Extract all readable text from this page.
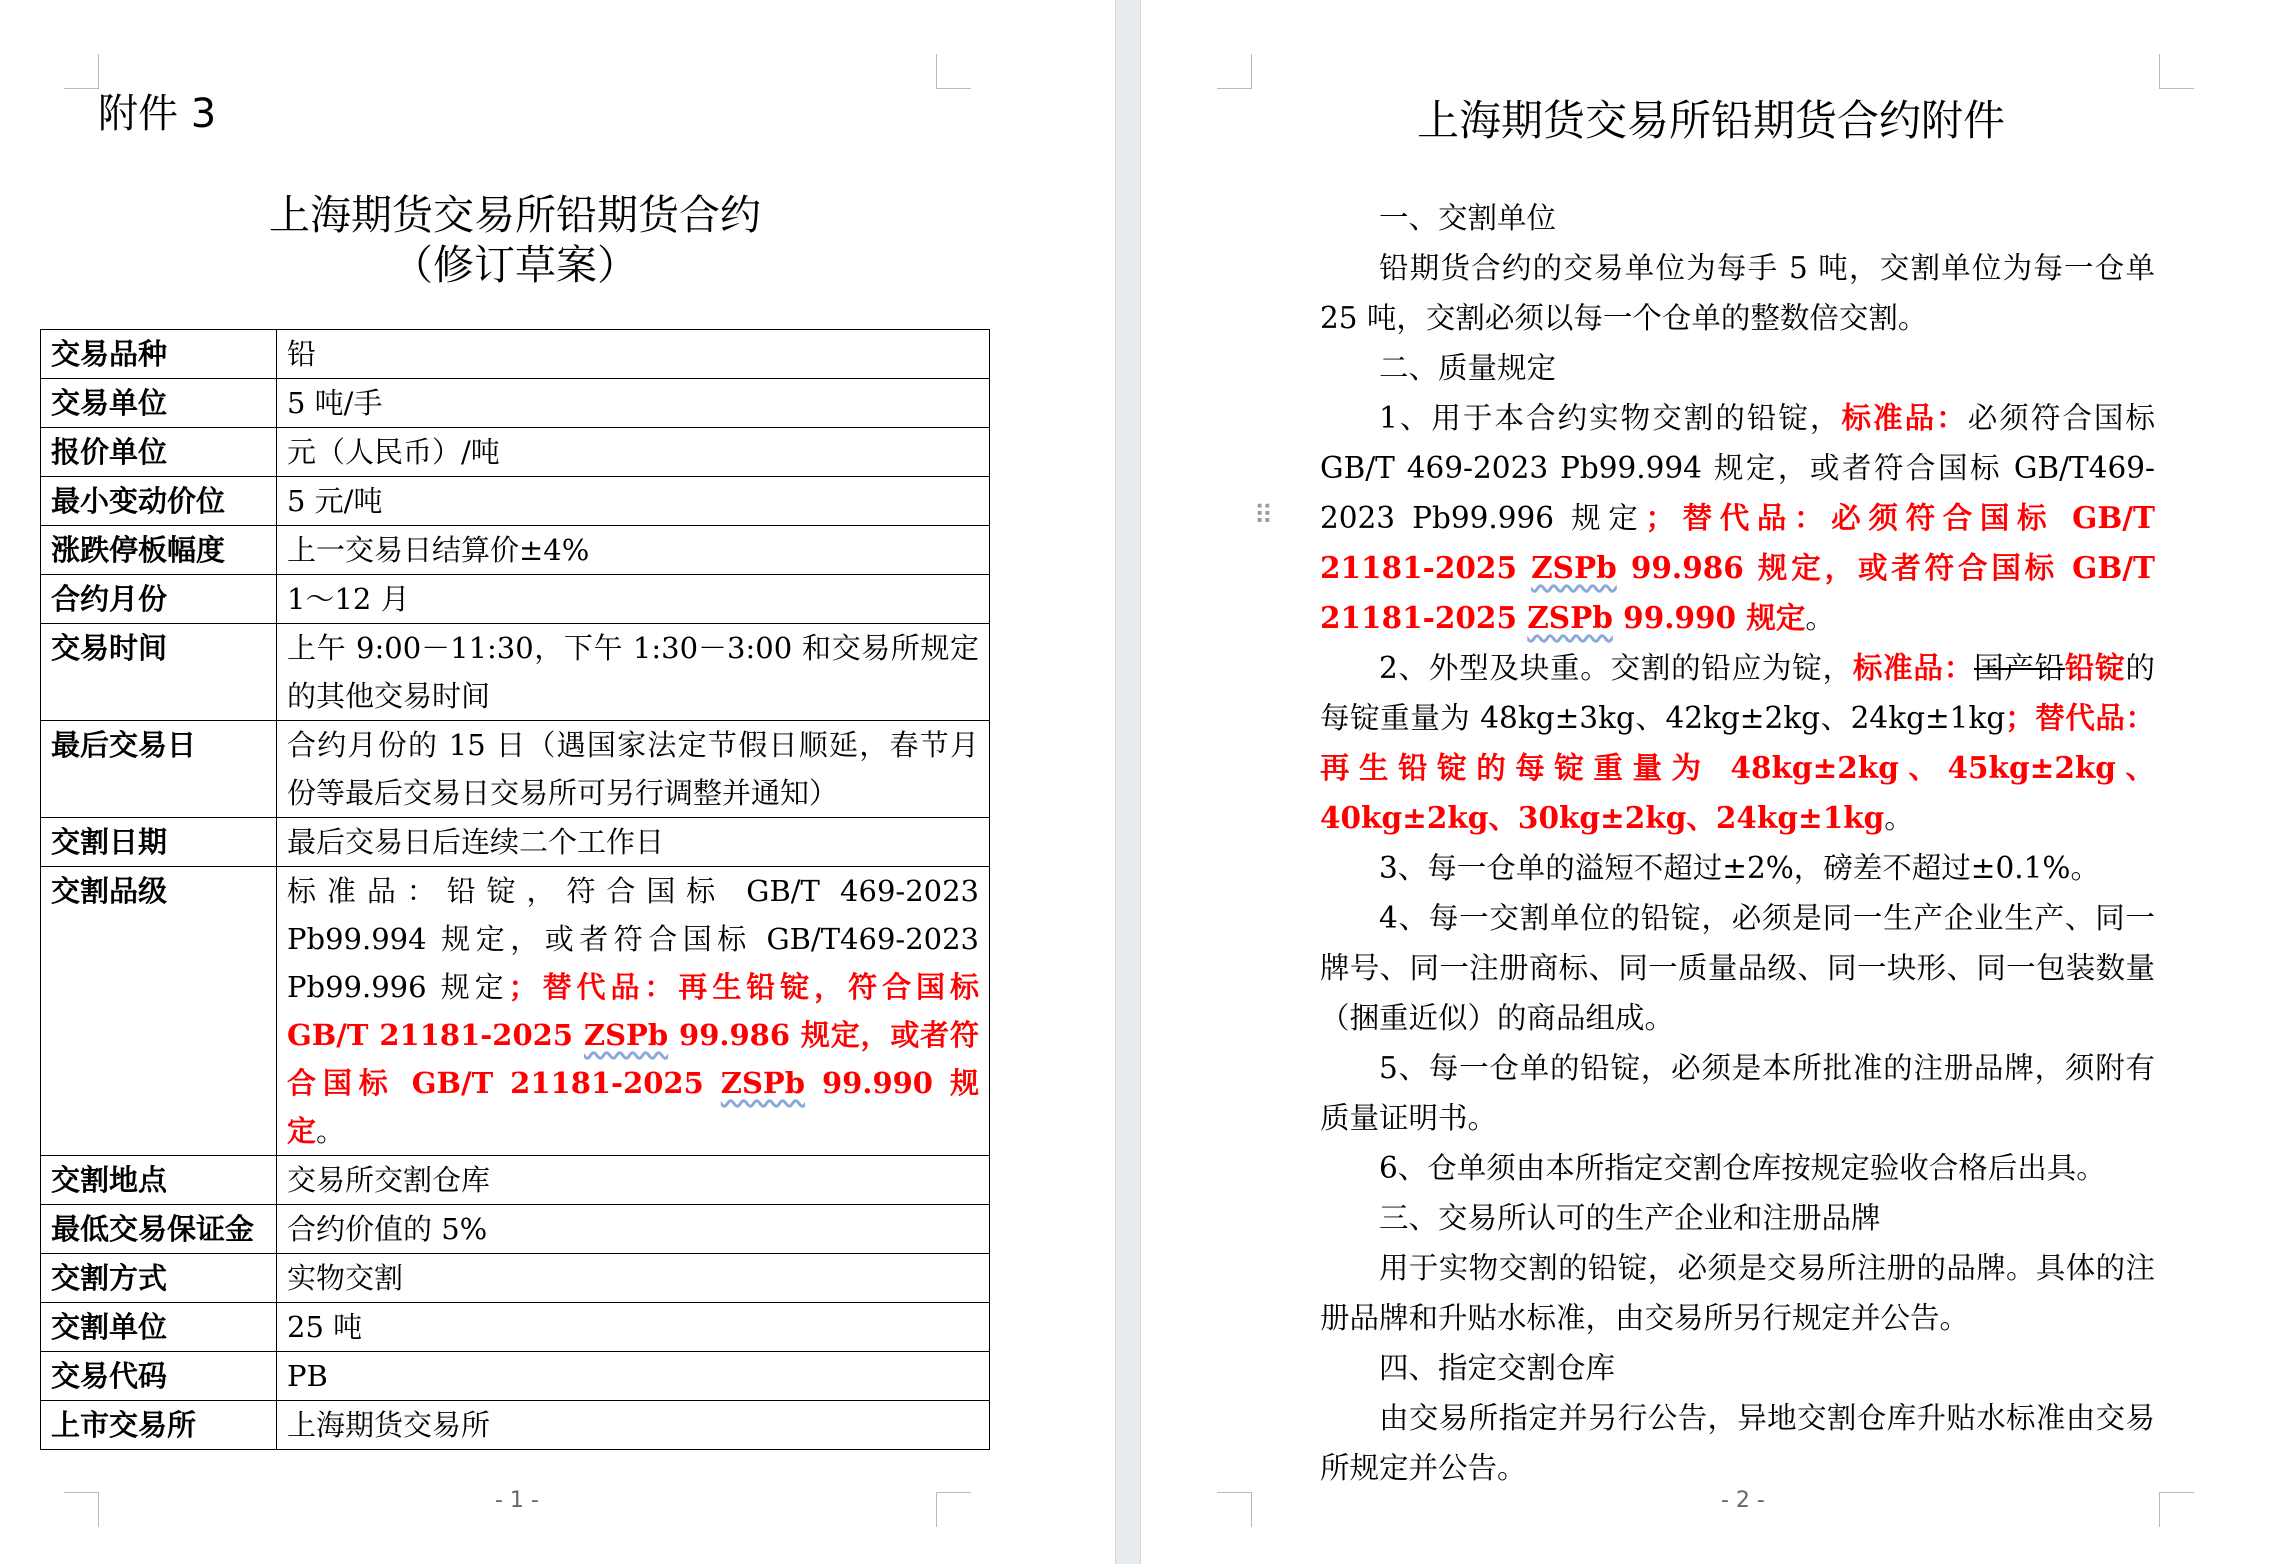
附件 3
上海期货交易所铅期货合约
（修订草案）
交易品种	铅
交易单位	5 吨/手
报价单位	元（人民币）/吨
最小变动价位	5 元/吨
涨跌停板幅度	上一交易日结算价±4%
合约月份	1～12 月
交易时间	上午 9:00－11:30，下午 1:30－3:00 和交易所规定的其他交易时间
最后交易日	合约月份的 15 日（遇国家法定节假日顺延，春节月份等最后交易日交易所可另行调整并通知）
交割日期	最后交易日后连续二个工作日
交割品级	标准品：铅锭，符合国标 GB/T 469-2023 Pb99.994 规定，或者符合国标 GB/T469-2023 Pb99.996 规定；替代品：再生铅锭，符合国标 GB/T 21181-2025 ZSPb 99.986 规定，或者符合国标 GB/T 21181-2025 ZSPb 99.990 规定。
交割地点	交易所交割仓库
最低交易保证金	合约价值的 5%
交割方式	实物交割
交割单位	25 吨
交易代码	PB
上市交易所	上海期货交易所
- 1 -
上海期货交易所铅期货合约附件
- 2 -
⠿

一、交割单位

铅期货合约的交易单位为每手 5 吨，交割单位为每一仓单 25 吨，交割必须以每一个仓单的整数倍交割。

二、质量规定

1、用于本合约实物交割的铅锭，标准品：必须符合国标 GB/T 469-2023 Pb99.994 规定，或者符合国标 GB/T469-2023 Pb99.996 规定；替代品：必须符合国标 GB/T 21181-2025 ZSPb 99.986 规定，或者符合国标 GB/T 21181-2025 ZSPb 99.990 规定。

2、外型及块重。交割的铅应为锭，标准品：国产铅铅锭的每锭重量为 48kg±3kg、42kg±2kg、24kg±1kg；替代品：再生铅锭的每锭重量为 48kg±2kg、45kg±2kg、40kg±2kg、30kg±2kg、24kg±1kg。

3、每一仓单的溢短不超过±2%，磅差不超过±0.1%。

4、每一交割单位的铅锭，必须是同一生产企业生产、同一牌号、同一注册商标、同一质量品级、同一块形、同一包装数量（捆重近似）的商品组成。

5、每一仓单的铅锭，必须是本所批准的注册品牌，须附有质量证明书。

6、仓单须由本所指定交割仓库按规定验收合格后出具。

三、交易所认可的生产企业和注册品牌

用于实物交割的铅锭，必须是交易所注册的品牌。具体的注册品牌和升贴水标准，由交易所另行规定并公告。

四、指定交割仓库

由交易所指定并另行公告，异地交割仓库升贴水标准由交易所规定并公告。
